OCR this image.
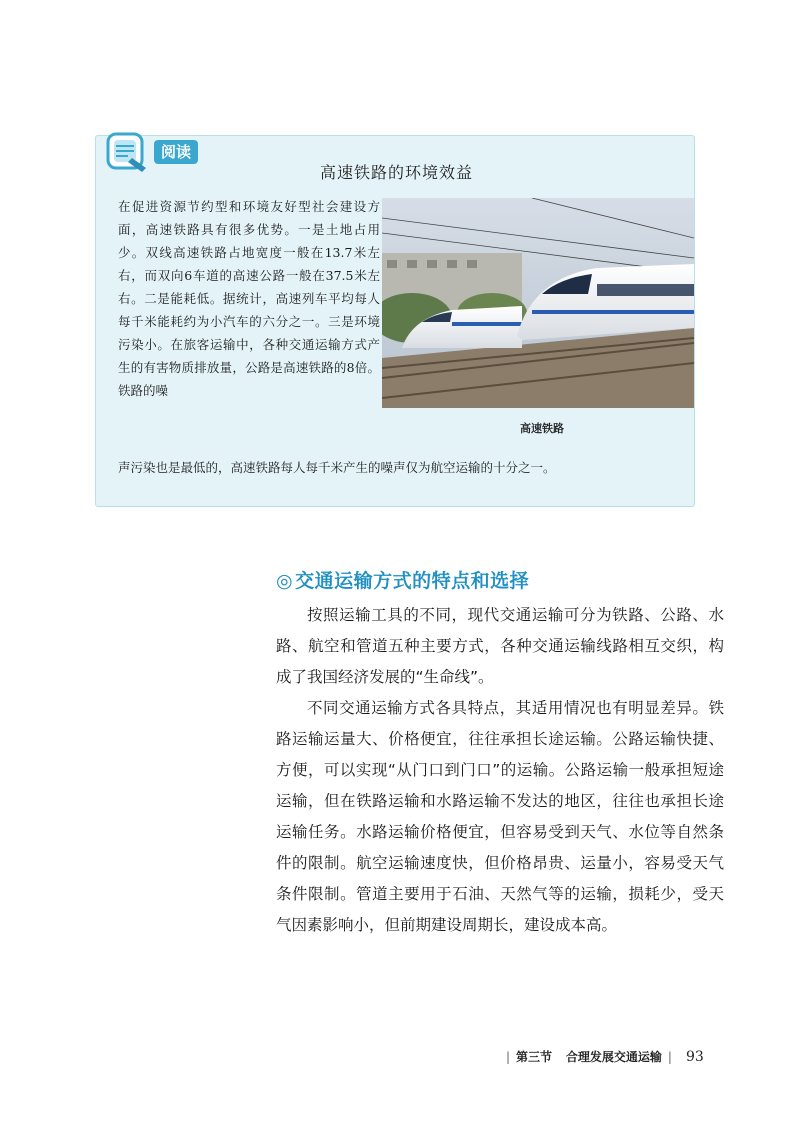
阅读
高速铁路的环境效益
在促进资源节约型和环境友好型社会建设方面，高速铁路具有很多优势。一是土地占用少。双线高速铁路占地宽度一般在13.7米左右，而双向6车道的高速公路一般在37.5米左右。二是能耗低。据统计，高速列车平均每人每千米能耗约为小汽车的六分之一。三是环境污染小。在旅客运输中，各种交通运输方式产生的有害物质排放量，公路是高速铁路的8倍。铁路的噪
高速铁路
声污染也是最低的，高速铁路每人每千米产生的噪声仅为航空运输的十分之一。
◎ 交通运输方式的特点和选择

按照运输工具的不同，现代交通运输可分为铁路、公路、水路、航空和管道五种主要方式，各种交通运输线路相互交织，构成了我国经济发展的“生命线”。

不同交通运输方式各具特点，其适用情况也有明显差异。铁路运输运量大、价格便宜，往往承担长途运输。公路运输快捷、方便，可以实现“从门口到门口”的运输。公路运输一般承担短途运输，但在铁路运输和水路运输不发达的地区，往往也承担长途运输任务。水路运输价格便宜，但容易受到天气、水位等自然条件的限制。航空运输速度快，但价格昂贵、运量小，容易受天气条件限制。管道主要用于石油、天然气等的运输，损耗少，受天气因素影响小，但前期建设周期长，建设成本高。

| 第三节 合理发展交通运输 | 93
